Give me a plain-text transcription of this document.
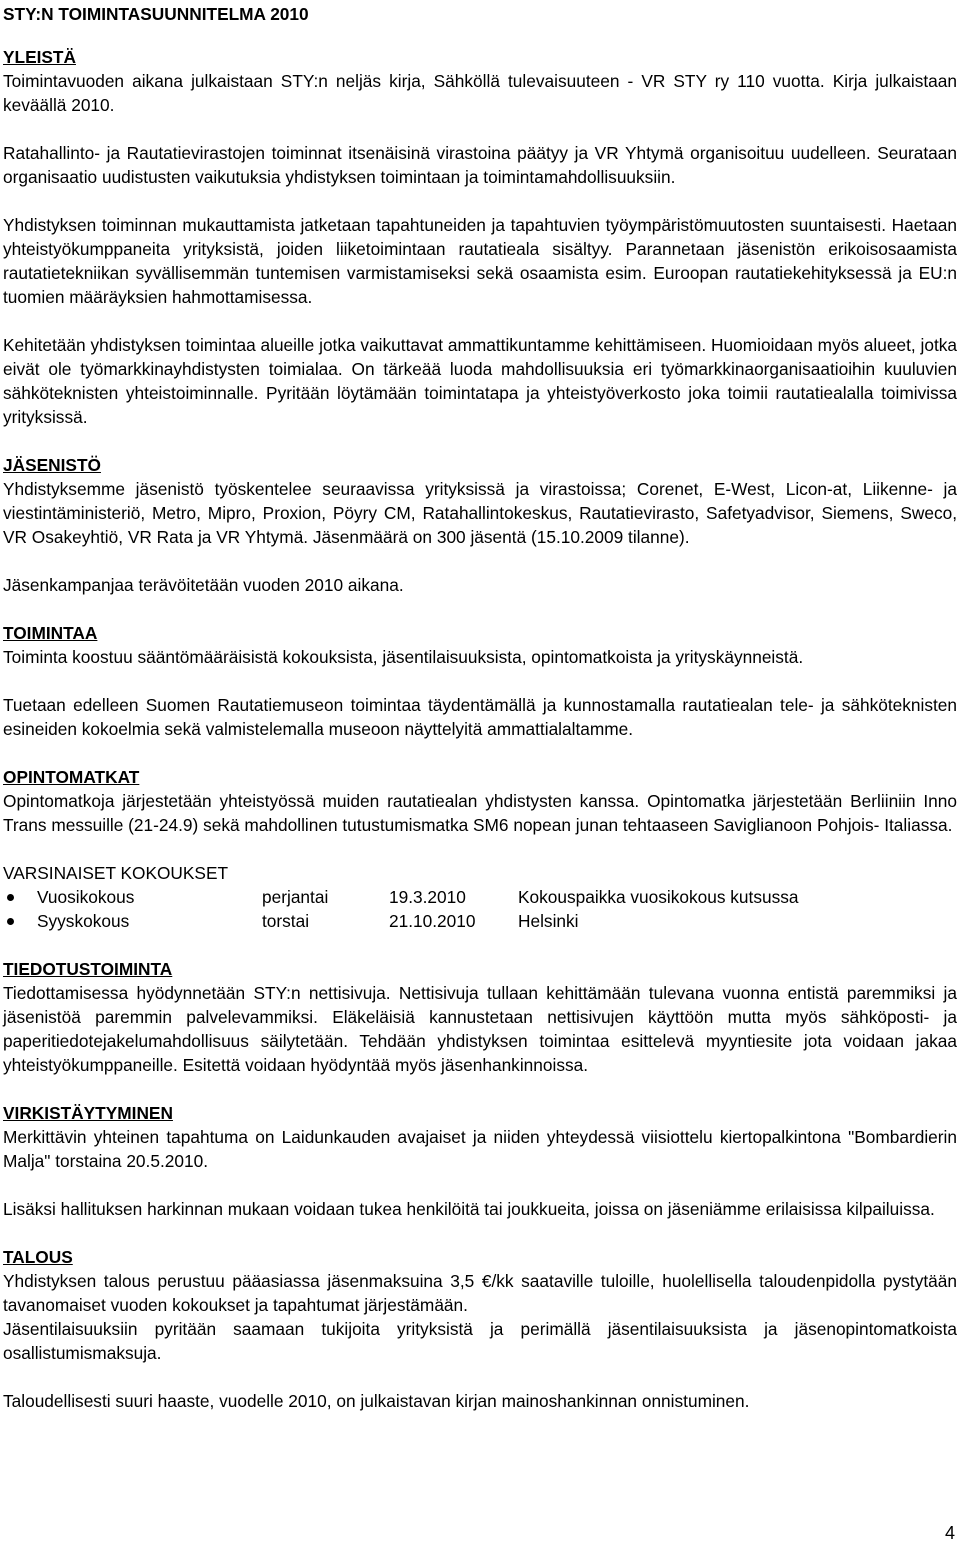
STY:N TOIMINTASUUNNITELMA 2010
YLEISTÄ

Toimintavuoden aikana julkaistaan STY:n neljäs kirja, Sähköllä tulevaisuuteen - VR STY ry 110 vuotta. Kirja julkaistaan keväällä 2010.

Ratahallinto- ja Rautatievirastojen toiminnat itsenäisinä virastoina päätyy ja VR Yhtymä organisoituu uudelleen. Seurataan organisaatio uudistusten vaikutuksia yhdistyksen toimintaan ja toimintamahdollisuuksiin.

Yhdistyksen toiminnan mukauttamista jatketaan tapahtuneiden ja tapahtuvien työympäristömuutosten suuntaisesti. Haetaan yhteistyökumppaneita yrityksistä, joiden liiketoimintaan rautatieala sisältyy. Parannetaan jäsenistön erikoisosaamista rautatietekniikan syvällisemmän tuntemisen varmistamiseksi sekä osaamista esim. Euroopan rautatiekehityksessä ja EU:n tuomien määräyksien hahmottamisessa.

Kehitetään yhdistyksen toimintaa alueille jotka vaikuttavat ammattikuntamme kehittämiseen. Huomioidaan myös alueet, jotka eivät ole työmarkkinayhdistysten toimialaa. On tärkeää luoda mahdollisuuksia eri työmarkkinaorganisaatioihin kuuluvien sähköteknisten yhteistoiminnalle. Pyritään löytämään toimintatapa ja yhteistyöverkosto joka toimii rautatiealalla toimivissa yrityksissä.

JÄSENISTÖ

Yhdistyksemme jäsenistö työskentelee seuraavissa yrityksissä ja virastoissa; Corenet, E-West, Licon-at, Liikenne- ja viestintäministeriö, Metro, Mipro, Proxion, Pöyry CM, Ratahallintokeskus, Rautatievirasto, Safetyadvisor, Siemens, Sweco, VR Osakeyhtiö, VR Rata ja VR Yhtymä. Jäsenmäärä on 300 jäsentä (15.10.2009 tilanne).

Jäsenkampanjaa terävöitetään vuoden 2010 aikana.

TOIMINTAA

Toiminta koostuu sääntömääräisistä kokouksista, jäsentilaisuuksista, opintomatkoista ja yrityskäynneistä.

Tuetaan edelleen Suomen Rautatiemuseon toimintaa täydentämällä ja kunnostamalla rautatiealan tele- ja sähköteknisten esineiden kokoelmia sekä valmistelemalla museoon näyttelyitä ammattialaltamme.

OPINTOMATKAT

Opintomatkoja järjestetään yhteistyössä muiden rautatiealan yhdistysten kanssa. Opintomatka järjestetään Berliiniin Inno Trans messuille (21-24.9) sekä mahdollinen tutustumismatka SM6 nopean junan tehtaaseen Saviglianoon Pohjois- Italiassa.

VARSINAISET KOKOUKSET
	Vuosikokous	perjantai	19.3.2010	Kokouspaikka vuosikokous kutsussa
	Syyskokous	torstai	21.10.2010	Helsinki
TIEDOTUSTOIMINTA

Tiedottamisessa hyödynnetään STY:n nettisivuja. Nettisivuja tullaan kehittämään tulevana vuonna entistä paremmiksi ja jäsenistöä paremmin palvelevammiksi. Eläkeläisiä kannustetaan nettisivujen käyttöön mutta myös sähköposti- ja paperitiedotejakelumahdollisuus säilytetään. Tehdään yhdistyksen toimintaa esittelevä myyntiesite jota voidaan jakaa yhteistyökumppaneille. Esitettä voidaan hyödyntää myös jäsenhankinnoissa.

VIRKISTÄYTYMINEN

Merkittävin yhteinen tapahtuma on Laidunkauden avajaiset ja niiden yhteydessä viisiottelu kiertopalkintona "Bombardierin Malja" torstaina 20.5.2010.

Lisäksi hallituksen harkinnan mukaan voidaan tukea henkilöitä tai joukkueita, joissa on jäseniämme erilaisissa kilpailuissa.

TALOUS

Yhdistyksen talous perustuu pääasiassa jäsenmaksuina 3,5 €/kk saataville tuloille, huolellisella taloudenpidolla pystytään tavanomaiset vuoden kokoukset ja tapahtumat järjestämään.

Jäsentilaisuuksiin pyritään saamaan tukijoita yrityksistä ja perimällä jäsentilaisuuksista ja jäsenopintomatkoista osallistumismaksuja.

Taloudellisesti suuri haaste, vuodelle 2010, on julkaistavan kirjan mainoshankinnan onnistuminen.

4
